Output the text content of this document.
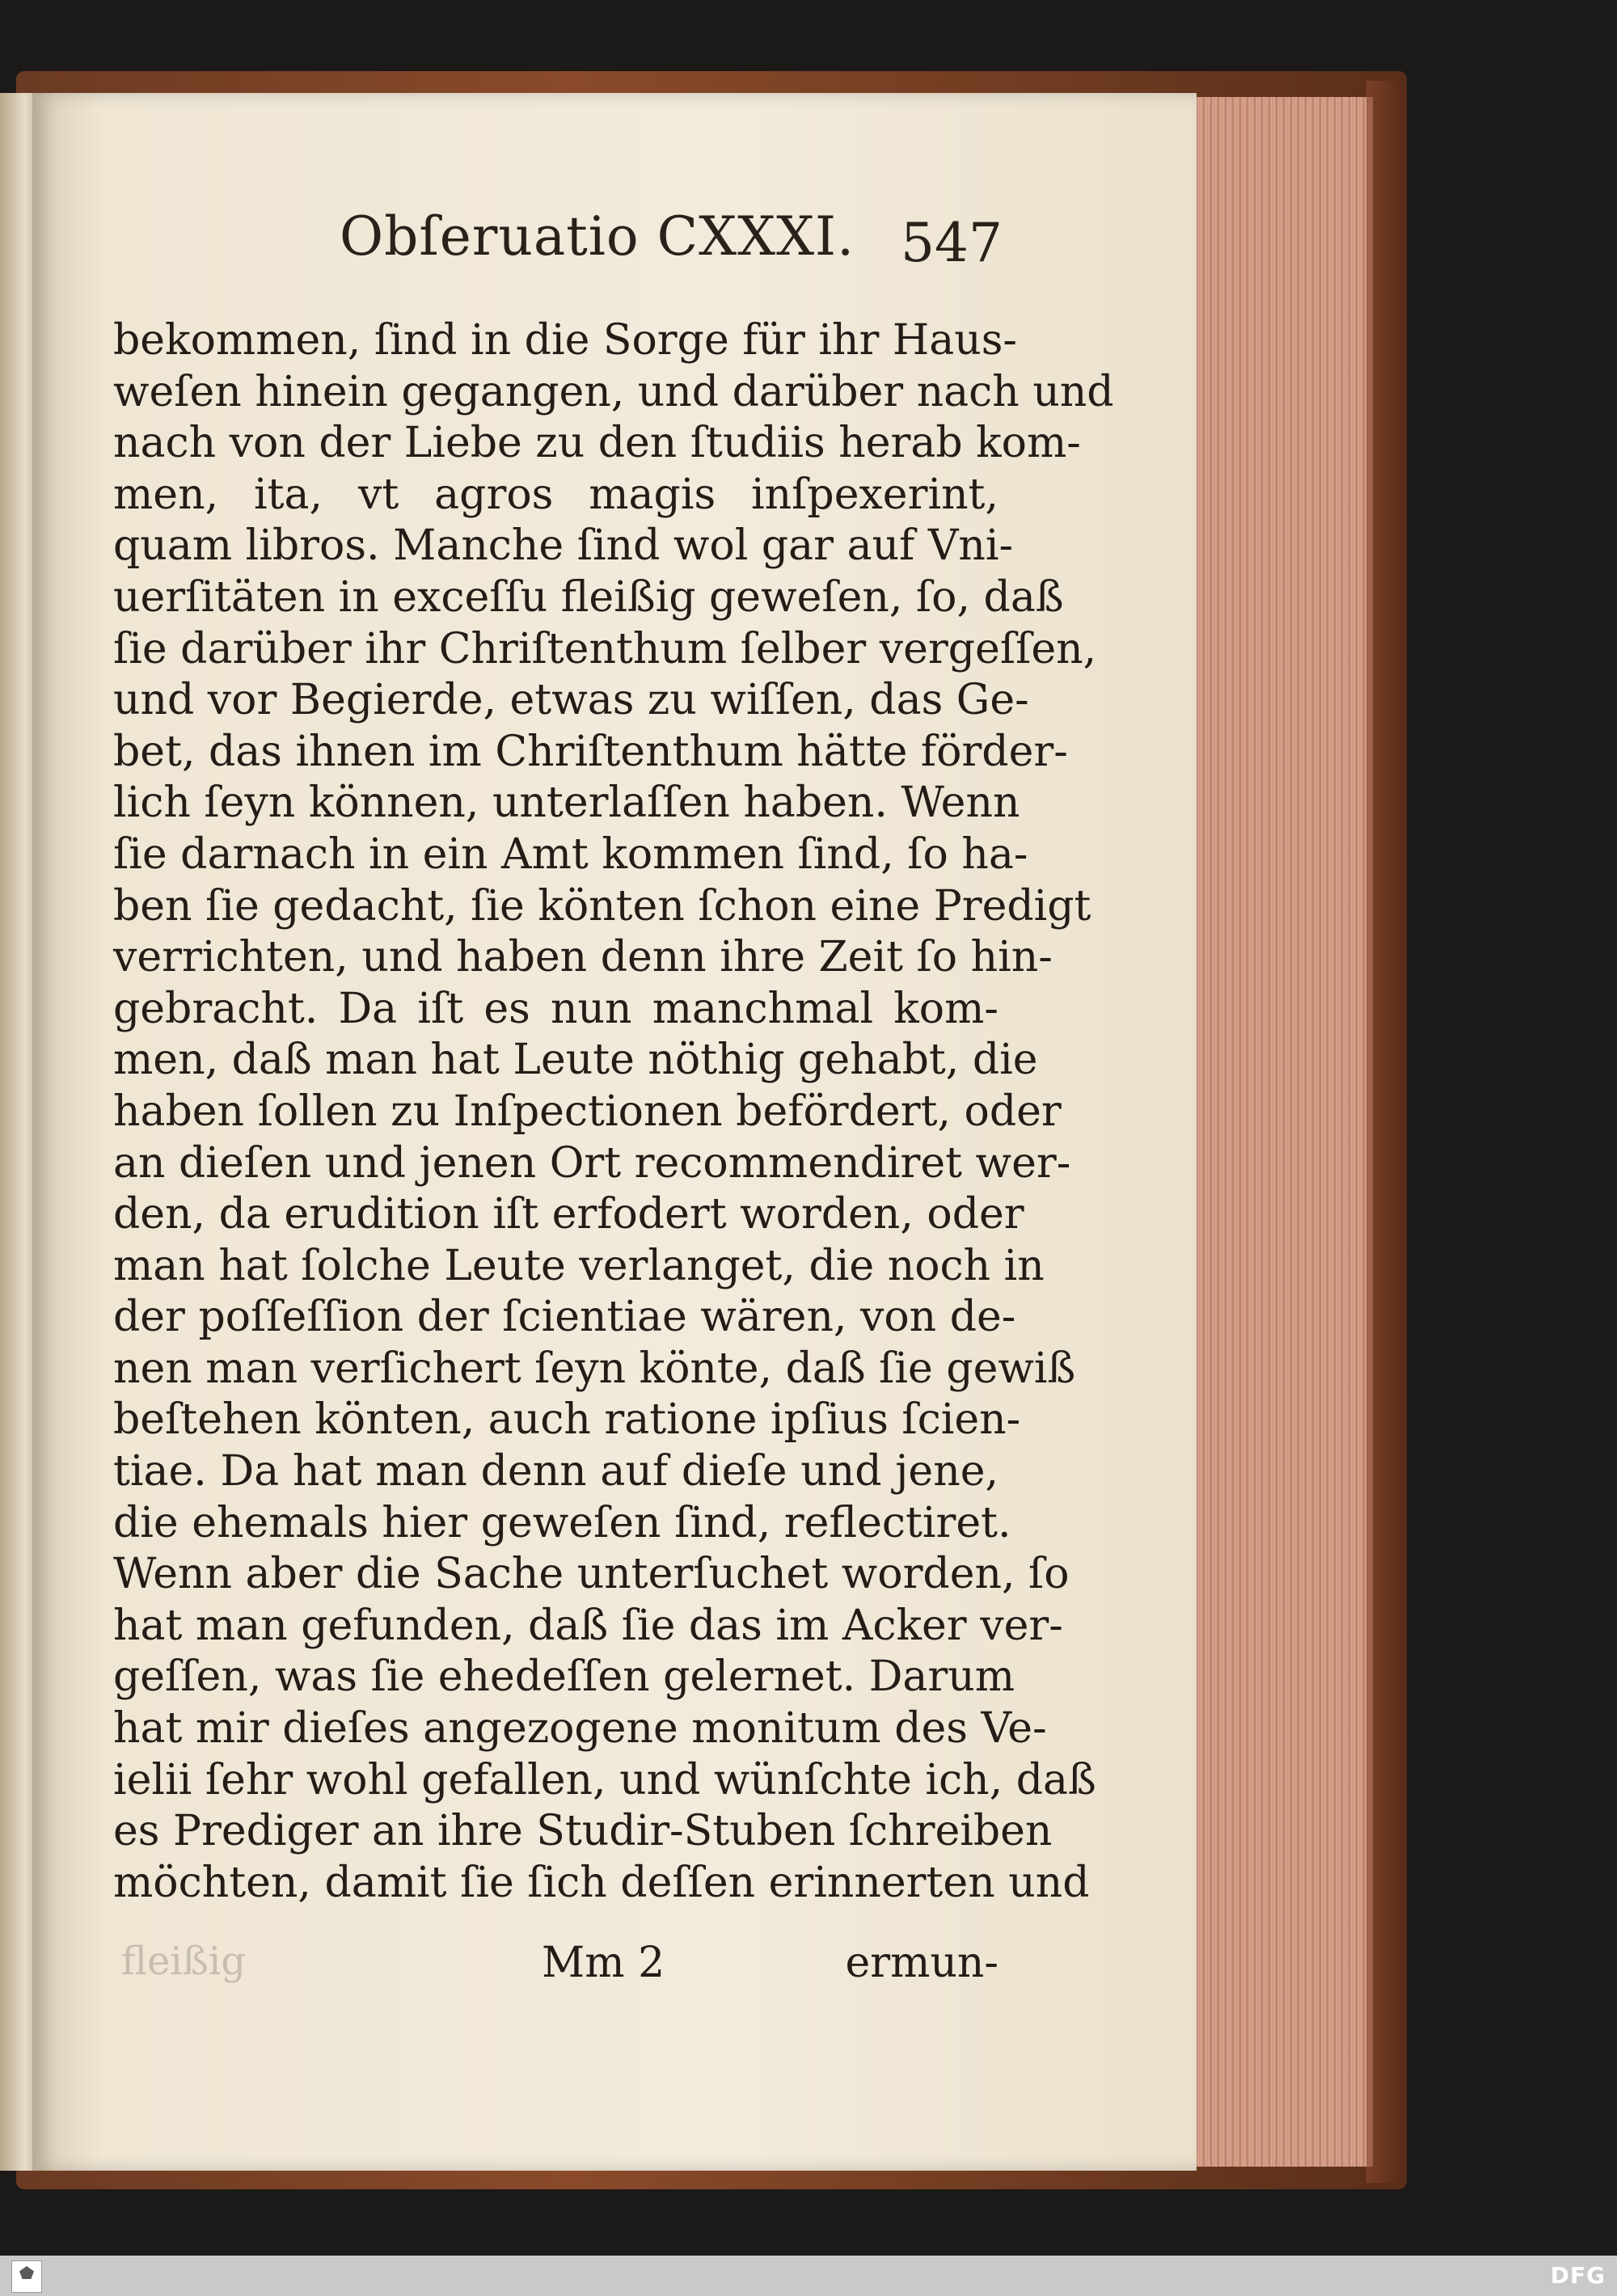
Obſeruatio CXXXI. 547
bekommen, ſind in die Sorge für ihr Haus-
weſen hinein gegangen, und darüber nach und
nach von der Liebe zu den ſtudiis herab kom-
men, ita, vt agros magis inſpexerint,
quam libros. Manche ſind wol gar auf Vni-
uerſitäten in exceſſu fleißig geweſen, ſo, daß
ſie darüber ihr Chriſtenthum ſelber vergeſſen,
und vor Begierde, etwas zu wiſſen, das Ge-
bet, das ihnen im Chriſtenthum hätte förder-
lich ſeyn können, unterlaſſen haben. Wenn
ſie darnach in ein Amt kommen ſind, ſo ha-
ben ſie gedacht, ſie könten ſchon eine Predigt
verrichten, und haben denn ihre Zeit ſo hin-
gebracht. Da iſt es nun manchmal kom-
men, daß man hat Leute nöthig gehabt, die
haben ſollen zu Inſpectionen befördert, oder
an dieſen und jenen Ort recommendiret wer-
den, da erudition iſt erfodert worden, oder
man hat ſolche Leute verlanget, die noch in
der poſſeſſion der ſcientiae wären, von de-
nen man verſichert ſeyn könte, daß ſie gewiß
beſtehen könten, auch ratione ipſius ſcien-
tiae. Da hat man denn auf dieſe und jene,
die ehemals hier geweſen ſind, reflectiret.
Wenn aber die Sache unterſuchet worden, ſo
hat man gefunden, daß ſie das im Acker ver-
geſſen, was ſie ehedeſſen gelernet. Darum
hat mir dieſes angezogene monitum des Ve-
ielii ſehr wohl gefallen, und wünſchte ich, daß
es Prediger an ihre Studir-Stuben ſchreiben
möchten, damit ſie ſich deſſen erinnerten und
fleißig	Mm 2	ermun-
DFG
